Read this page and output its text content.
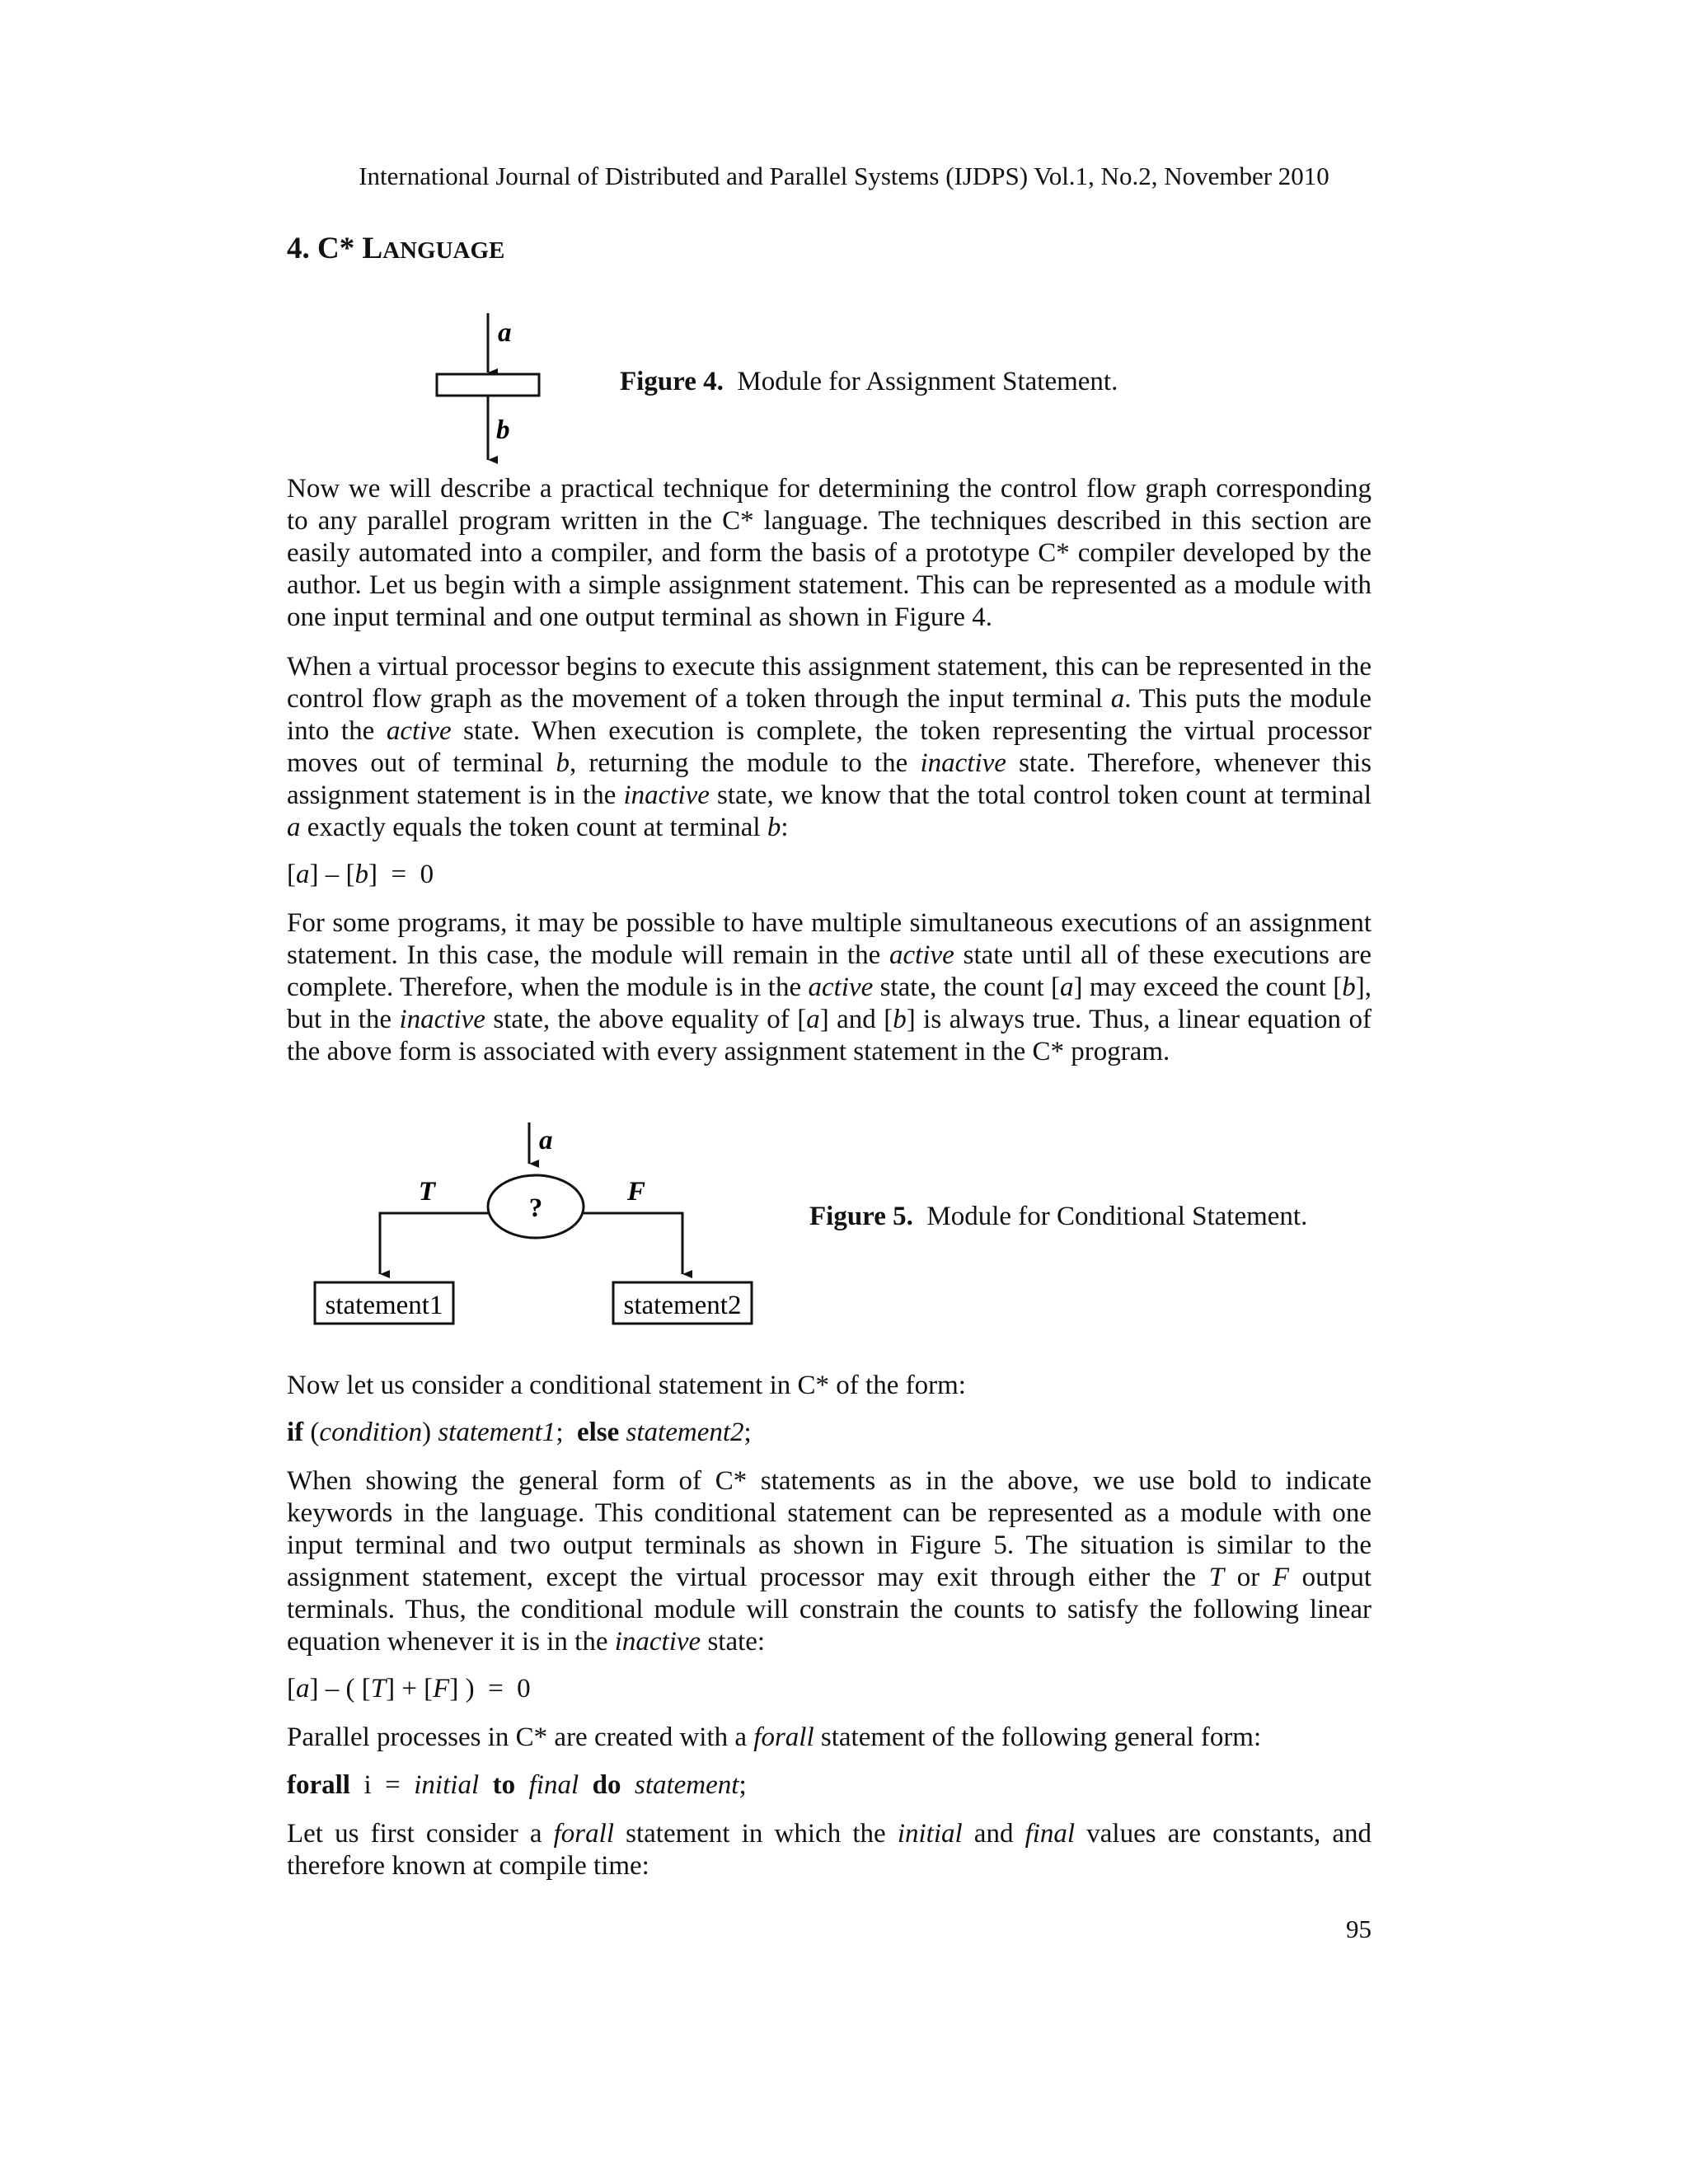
International Journal of Distributed and Parallel Systems (IJDPS) Vol.1, No.2, November 2010
4. C* LANGUAGE
a
b
Figure 4. Module for Assignment Statement.

Now we will describe a practical technique for determining the control flow graph corresponding to any parallel program written in the C* language. The techniques described in this section are easily automated into a compiler, and form the basis of a prototype C* compiler developed by the author. Let us begin with a simple assignment statement. This can be represented as a module with one input terminal and one output terminal as shown in Figure 4.

When a virtual processor begins to execute this assignment statement, this can be represented in the control flow graph as the movement of a token through the input terminal a. This puts the module into the active state. When execution is complete, the token representing the virtual processor moves out of terminal b, returning the module to the inactive state. Therefore, whenever this assignment statement is in the inactive state, we know that the total control token count at terminal a exactly equals the token count at terminal b:

[a] – [b]  =  0

For some programs, it may be possible to have multiple simultaneous executions of an assignment statement. In this case, the module will remain in the active state until all of these executions are complete. Therefore, when the module is in the active state, the count [a] may exceed the count [b], but in the inactive state, the above equality of [a] and [b] is always true. Thus, a linear equation of the above form is associated with every assignment statement in the C* program.

?
T	F
a
statement1	statement2
Figure 5. Module for Conditional Statement.

Now let us consider a conditional statement in C* of the form:

if (condition) statement1;  else statement2;

When showing the general form of C* statements as in the above, we use bold to indicate keywords in the language. This conditional statement can be represented as a module with one input terminal and two output terminals as shown in Figure 5. The situation is similar to the assignment statement, except the virtual processor may exit through either the T or F output terminals. Thus, the conditional module will constrain the counts to satisfy the following linear equation whenever it is in the inactive state:

[a] – ( [T] + [F] )  =  0

Parallel processes in C* are created with a forall statement of the following general form:

forall  i  =  initial to final do statement;

Let us first consider a forall statement in which the initial and final values are constants, and therefore known at compile time:

95
